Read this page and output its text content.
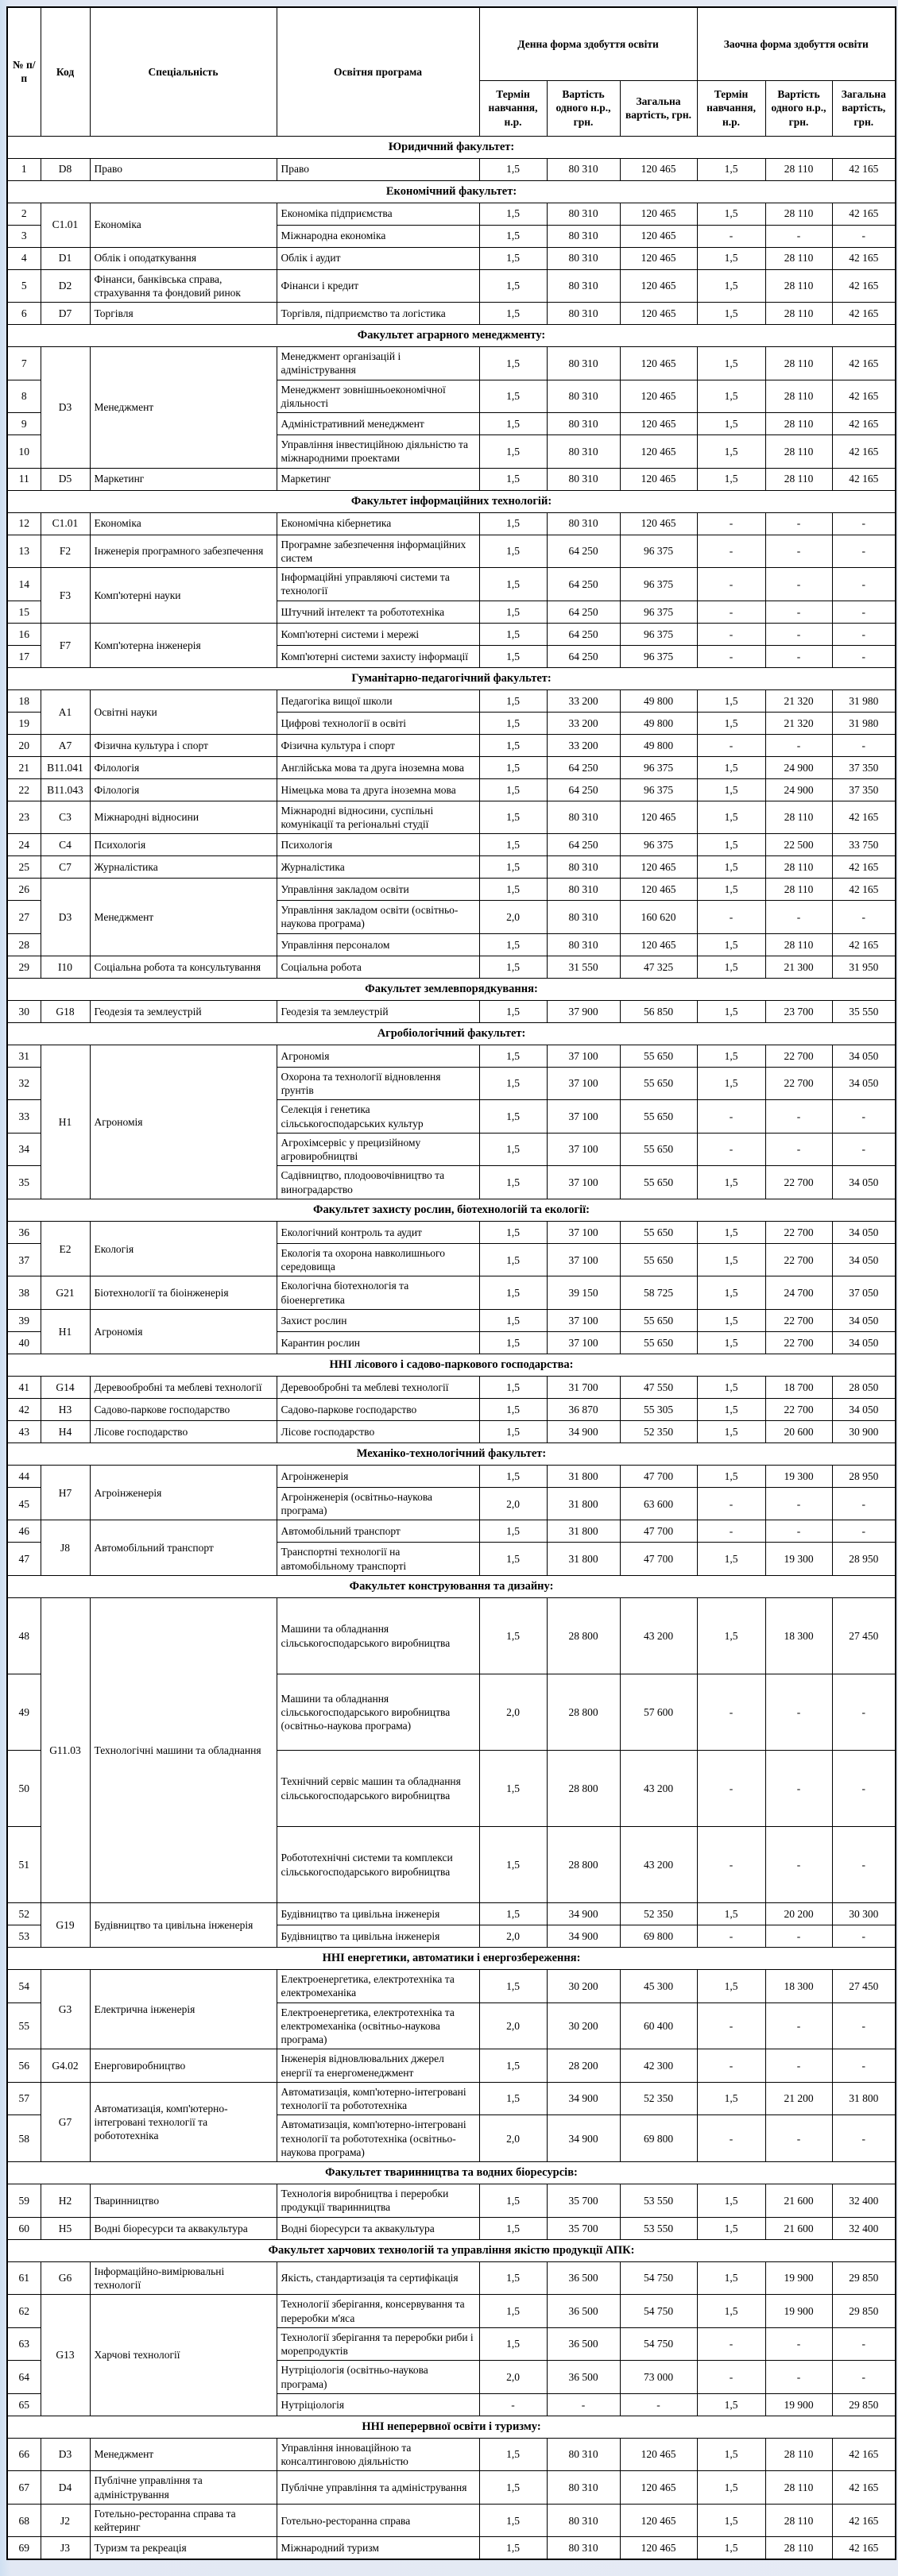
№ п/п	Код	Спеціальність	Освітня програма	Денна форма здобуття освіти			Заочна форма здобуття освіти		
				Термін навчання, н.р.	Вартість одного н.р., грн.	Загальна вартість, грн.	Термін навчання, н.р.	Вартість одного н.р., грн.	Загальна вартість, грн.
Юридичний факультет:									
1	D8	Право	Право	1,5	80 310	120 465	1,5	28 110	42 165
Економічний факультет:									
2	C1.01	Економіка	Економіка підприємства	1,5	80 310	120 465	1,5	28 110	42 165
3			Міжнародна економіка	1,5	80 310	120 465	-	-	-
4	D1	Облік і оподаткування	Облік і аудит	1,5	80 310	120 465	1,5	28 110	42 165
5	D2	Фінанси, банківська справа, страхування та фондовий ринок	Фінанси і кредит	1,5	80 310	120 465	1,5	28 110	42 165
6	D7	Торгівля	Торгівля, підприємство та логістика	1,5	80 310	120 465	1,5	28 110	42 165
Факультет аграрного менеджменту:									
7	D3	Менеджмент	Менеджмент організацій і адміністрування	1,5	80 310	120 465	1,5	28 110	42 165
8			Менеджмент зовнішньоекономічної діяльності	1,5	80 310	120 465	1,5	28 110	42 165
9			Адміністративний менеджмент	1,5	80 310	120 465	1,5	28 110	42 165
10			Управління інвестиційною діяльністю та міжнародними проектами	1,5	80 310	120 465	1,5	28 110	42 165
11	D5	Маркетинг	Маркетинг	1,5	80 310	120 465	1,5	28 110	42 165
Факультет інформаційних технологій:									
12	C1.01	Економіка	Економічна кібернетика	1,5	80 310	120 465	-	-	-
13	F2	Інженерія програмного забезпечення	Програмне забезпечення інформаційних систем	1,5	64 250	96 375	-	-	-
14	F3	Комп'ютерні науки	Інформаційні управляючі системи та технології	1,5	64 250	96 375	-	-	-
15			Штучний інтелект та робототехніка	1,5	64 250	96 375	-	-	-
16	F7	Комп'ютерна інженерія	Комп'ютерні системи і мережі	1,5	64 250	96 375	-	-	-
17			Комп'ютерні системи захисту інформації	1,5	64 250	96 375	-	-	-
Гуманітарно-педагогічний факультет:									
18	A1	Освітні науки	Педагогіка вищої школи	1,5	33 200	49 800	1,5	21 320	31 980
19			Цифрові технології в освіті	1,5	33 200	49 800	1,5	21 320	31 980
20	A7	Фізична культура і спорт	Фізична культура і спорт	1,5	33 200	49 800	-	-	-
21	B11.041	Філологія	Англійська мова та друга іноземна мова	1,5	64 250	96 375	1,5	24 900	37 350
22	B11.043	Філологія	Німецька мова та друга іноземна мова	1,5	64 250	96 375	1,5	24 900	37 350
23	C3	Міжнародні відносини	Міжнародні відносини, суспільні комунікації та регіональні студії	1,5	80 310	120 465	1,5	28 110	42 165
24	C4	Психологія	Психологія	1,5	64 250	96 375	1,5	22 500	33 750
25	C7	Журналістика	Журналістика	1,5	80 310	120 465	1,5	28 110	42 165
26	D3	Менеджмент	Управління закладом освіти	1,5	80 310	120 465	1,5	28 110	42 165
27			Управління закладом освіти (освітньо-наукова програма)	2,0	80 310	160 620	-	-	-
28			Управління персоналом	1,5	80 310	120 465	1,5	28 110	42 165
29	І10	Соціальна робота та консультування	Соціальна робота	1,5	31 550	47 325	1,5	21 300	31 950
Факультет землевпорядкування:									
30	G18	Геодезія та землеустрій	Геодезія та землеустрій	1,5	37 900	56 850	1,5	23 700	35 550
Агробіологічний факультет:									
31	H1	Агрономія	Агрономія	1,5	37 100	55 650	1,5	22 700	34 050
32			Охорона та технології відновлення ґрунтів	1,5	37 100	55 650	1,5	22 700	34 050
33			Селекція і генетика сільськогосподарських культур	1,5	37 100	55 650	-	-	-
34			Агрохімсервіс у прецизійному агровиробництві	1,5	37 100	55 650	-	-	-
35			Садівництво, плодоовочівництво та виноградарство	1,5	37 100	55 650	1,5	22 700	34 050
Факультет захисту рослин, біотехнологій та екології:									
36	E2	Екологія	Екологічний контроль та аудит	1,5	37 100	55 650	1,5	22 700	34 050
37			Екологія та охорона навколишнього середовища	1,5	37 100	55 650	1,5	22 700	34 050
38	G21	Біотехнології та біоінженерія	Екологічна біотехнологія та біоенергетика	1,5	39 150	58 725	1,5	24 700	37 050
39	H1	Агрономія	Захист рослин	1,5	37 100	55 650	1,5	22 700	34 050
40			Карантин рослин	1,5	37 100	55 650	1,5	22 700	34 050
ННІ лісового і садово-паркового господарства:									
41	G14	Деревообробні та меблеві технології	Деревообробні та меблеві технології	1,5	31 700	47 550	1,5	18 700	28 050
42	H3	Садово-паркове господарство	Садово-паркове господарство	1,5	36 870	55 305	1,5	22 700	34 050
43	H4	Лісове господарство	Лісове господарство	1,5	34 900	52 350	1,5	20 600	30 900
Механіко-технологічний факультет:									
44	H7	Агроінженерія	Агроінженерія	1,5	31 800	47 700	1,5	19 300	28 950
45			Агроінженерія (освітньо-наукова програма)	2,0	31 800	63 600	-	-	-
46	J8	Автомобільний транспорт	Автомобільний транспорт	1,5	31 800	47 700	-	-	-
47			Транспортні технології на автомобільному транспорті	1,5	31 800	47 700	1,5	19 300	28 950
Факультет конструювання та дизайну:									
48	G11.03	Технологічні машини та обладнання	Машини та обладнання сільськогосподарського виробництва	1,5	28 800	43 200	1,5	18 300	27 450
49			Машини та обладнання сільськогосподарського виробництва (освітньо-наукова програма)	2,0	28 800	57 600	-	-	-
50			Технічний сервіс машин та обладнання сільськогосподарського виробництва	1,5	28 800	43 200	-	-	-
51			Робототехнічні системи та комплекси сільськогосподарського виробництва	1,5	28 800	43 200	-	-	-
52	G19	Будівництво та цивільна інженерія	Будівництво та цивільна інженерія	1,5	34 900	52 350	1,5	20 200	30 300
53			Будівництво та цивільна інженерія	2,0	34 900	69 800	-	-	-
ННІ енергетики, автоматики і енергозбереження:									
54	G3	Електрична інженерія	Електроенергетика, електротехніка та електромеханіка	1,5	30 200	45 300	1,5	18 300	27 450
55			Електроенергетика, електротехніка та електромеханіка (освітньо-наукова програма)	2,0	30 200	60 400	-	-	-
56	G4.02	Енерговиробництво	Інженерія відновлювальних джерел енергії та енергоменеджмент	1,5	28 200	42 300	-	-	-
57	G7	Автоматизація, комп'ютерно-інтегровані технології та робототехніка	Автоматизація, комп'ютерно-інтегровані технології та робототехніка	1,5	34 900	52 350	1,5	21 200	31 800
58			Автоматизація, комп'ютерно-інтегровані технології та робототехніка (освітньо-наукова програма)	2,0	34 900	69 800	-	-	-
Факультет тваринництва та водних біоресурсів:									
59	H2	Тваринництво	Технологія виробництва і переробки продукції тваринництва	1,5	35 700	53 550	1,5	21 600	32 400
60	H5	Водні біоресурси та аквакультура	Водні біоресурси та аквакультура	1,5	35 700	53 550	1,5	21 600	32 400
Факультет харчових технологій та управління якістю продукції АПК:									
61	G6	Інформаційно-вимірювальні технології	Якість, стандартизація та сертифікація	1,5	36 500	54 750	1,5	19 900	29 850
62	G13	Харчові технології	Технології зберігання, консервування та переробки м'яса	1,5	36 500	54 750	1,5	19 900	29 850
63			Технології зберігання та переробки риби і морепродуктів	1,5	36 500	54 750	-	-	-
64			Нутріціологія (освітньо-наукова програма)	2,0	36 500	73 000	-	-	-
65			Нутріціологія	-	-	-	1,5	19 900	29 850
ННІ неперервної освіти і туризму:									
66	D3	Менеджмент	Управління інноваційною та консалтинговою діяльністю	1,5	80 310	120 465	1,5	28 110	42 165
67	D4	Публічне управління та адміністрування	Публічне управління та адміністрування	1,5	80 310	120 465	1,5	28 110	42 165
68	J2	Готельно-ресторанна справа та кейтеринг	Готельно-ресторанна справа	1,5	80 310	120 465	1,5	28 110	42 165
69	J3	Туризм та рекреація	Міжнародний туризм	1,5	80 310	120 465	1,5	28 110	42 165
